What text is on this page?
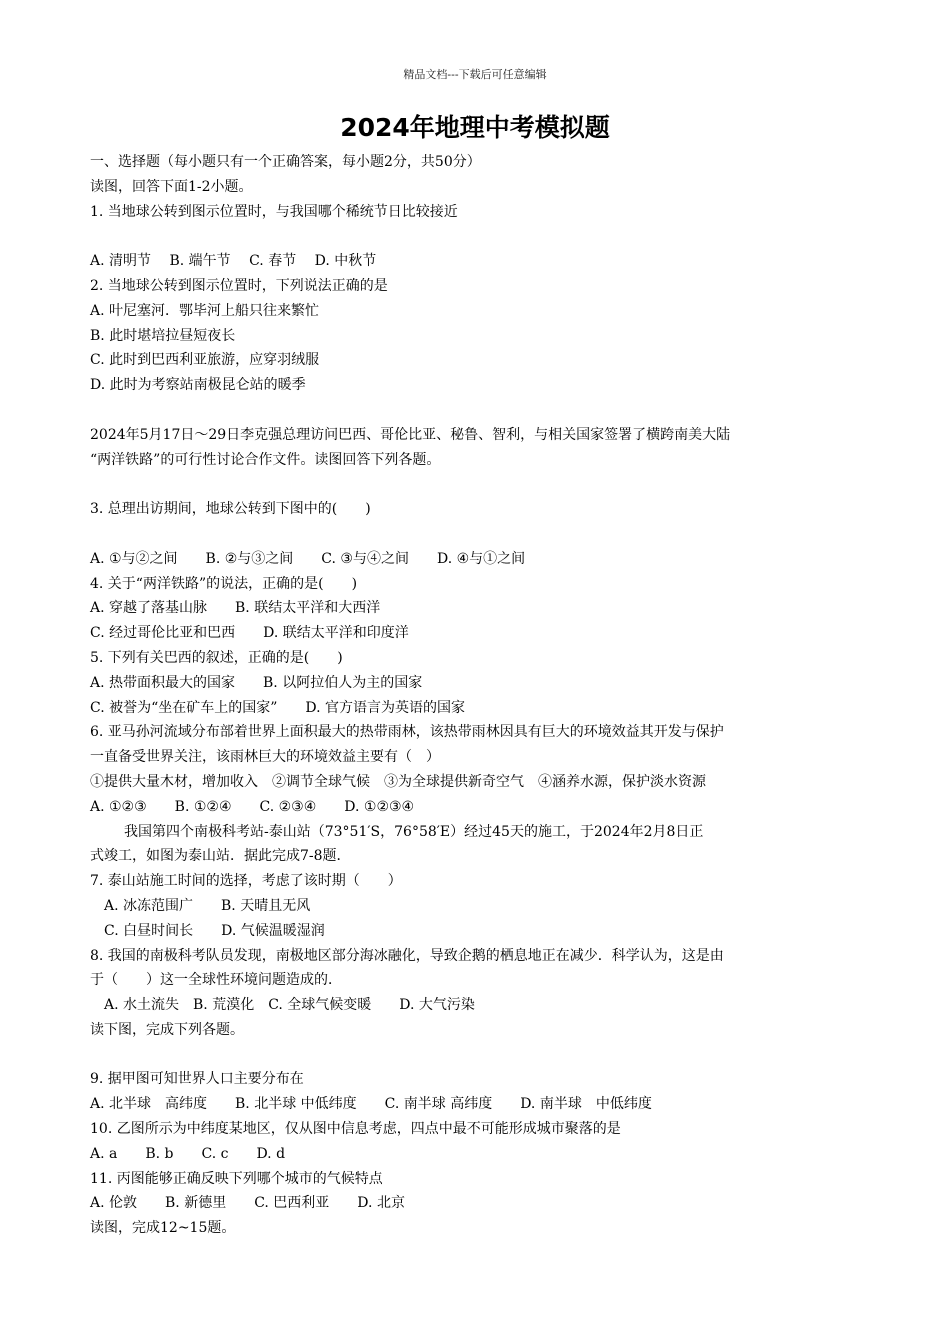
精品文档---下载后可任意编辑
2024年地理中考模拟题
一、选择题（每小题只有一个正确答案，每小题2分，共50分）
读图，回答下面1-2小题。
1. 当地球公转到图示位置时，与我国哪个稀统节日比较接近
A. 清明节　 B. 端午节　 C. 春节　 D. 中秋节
2. 当地球公转到图示位置时，下列说法正确的是
A. 叶尼塞河．鄂毕河上船只往来繁忙
B. 此时堪培拉昼短夜长
C. 此时到巴西利亚旅游，应穿羽绒服
D. 此时为考察站南极昆仑站的暖季
2024年5月17日～29日李克强总理访问巴西、哥伦比亚、秘鲁、智利，与相关国家签署了横跨南美大陆
“两洋铁路”的可行性讨论合作文件。读图回答下列各题。
3. 总理出访期间，地球公转到下图中的(　　)
A. ①与②之间　　B. ②与③之间　　C. ③与④之间　　D. ④与①之间
4. 关于“两洋铁路”的说法，正确的是(　　)
A. 穿越了落基山脉　　B. 联结太平洋和大西洋
C. 经过哥伦比亚和巴西　　D. 联结太平洋和印度洋
5. 下列有关巴西的叙述，正确的是(　　)
A. 热带面积最大的国家　　B. 以阿拉伯人为主的国家
C. 被誉为“坐在矿车上的国家”　　D. 官方语言为英语的国家
6. 亚马孙河流域分布部着世界上面积最大的热带雨林，该热带雨林因具有巨大的环境效益其开发与保护
一直备受世界关注，该雨林巨大的环境效益主要有（　）
①提供大量木材，增加收入　②调节全球气候　③为全球提供新奇空气　④涵养水源，保护淡水资源
A. ①②③　　B. ①②④　　C. ②③④　　D. ①②③④
我国第四个南极科考站-泰山站（73°51′S，76°58′E）经过45天的施工，于2024年2月8日正
式竣工，如图为泰山站．据此完成7-8题．
7. 泰山站施工时间的选择，考虑了该时期（　　）
A. 冰冻范围广　　B. 天晴且无风
C. 白昼时间长　　D. 气候温暖湿润
8. 我国的南极科考队员发现，南极地区部分海冰融化，导致企鹅的栖息地正在减少．科学认为，这是由
于（　　）这一全球性环境问题造成的．
A. 水土流失　B. 荒漠化　C. 全球气候变暖　　D. 大气污染
读下图，完成下列各题。
9. 据甲图可知世界人口主要分布在
A. 北半球　高纬度　　B. 北半球 中低纬度　　C. 南半球 高纬度　　D. 南半球　中低纬度
10. 乙图所示为中纬度某地区，仅从图中信息考虑，四点中最不可能形成城市聚落的是
A. a　　B. b　　C. c　　D. d
11. 丙图能够正确反映下列哪个城市的气候特点
A. 伦敦　　B. 新德里　　C. 巴西利亚　　D. 北京
读图，完成12~15题。
